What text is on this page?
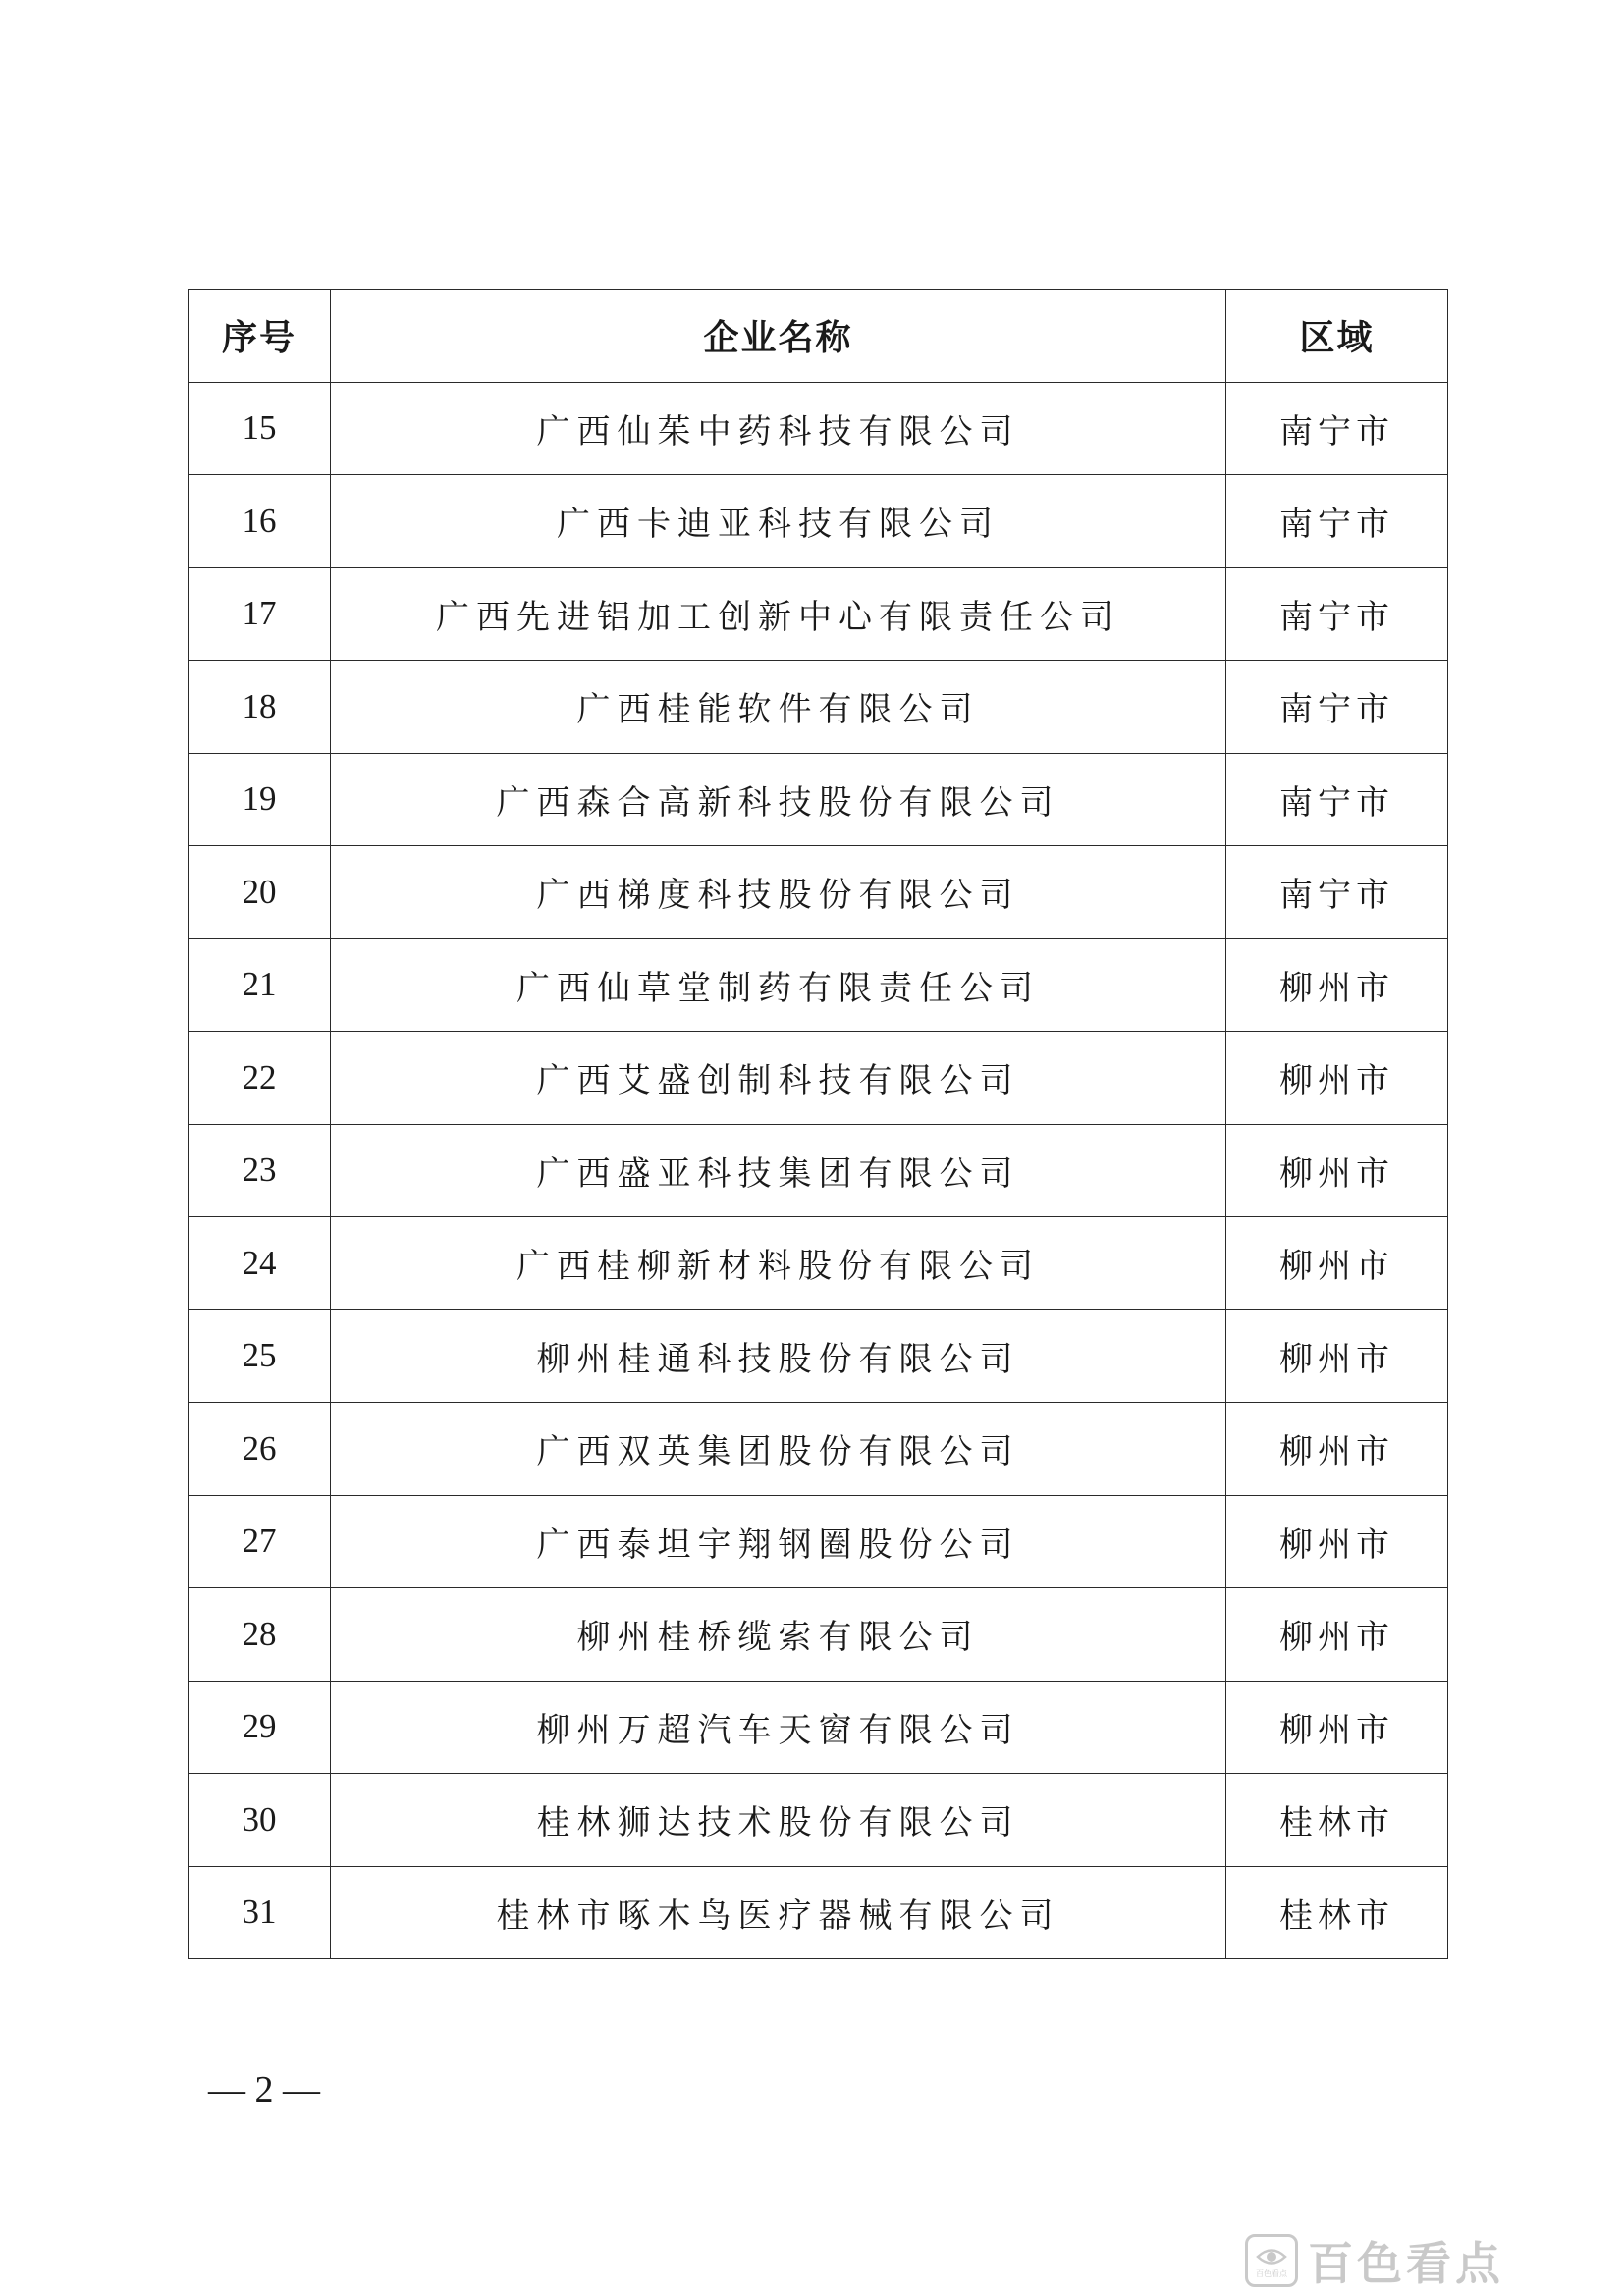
序号	企业名称	区域
15	广西仙茱中药科技有限公司	南宁市
16	广西卡迪亚科技有限公司	南宁市
17	广西先进铝加工创新中心有限责任公司	南宁市
18	广西桂能软件有限公司	南宁市
19	广西森合高新科技股份有限公司	南宁市
20	广西梯度科技股份有限公司	南宁市
21	广西仙草堂制药有限责任公司	柳州市
22	广西艾盛创制科技有限公司	柳州市
23	广西盛亚科技集团有限公司	柳州市
24	广西桂柳新材料股份有限公司	柳州市
25	柳州桂通科技股份有限公司	柳州市
26	广西双英集团股份有限公司	柳州市
27	广西泰坦宇翔钢圈股份公司	柳州市
28	柳州桂桥缆索有限公司	柳州市
29	柳州万超汽车天窗有限公司	柳州市
30	桂林狮达技术股份有限公司	桂林市
31	桂林市啄木鸟医疗器械有限公司	桂林市
— 2 —
百色看点 百色看点
